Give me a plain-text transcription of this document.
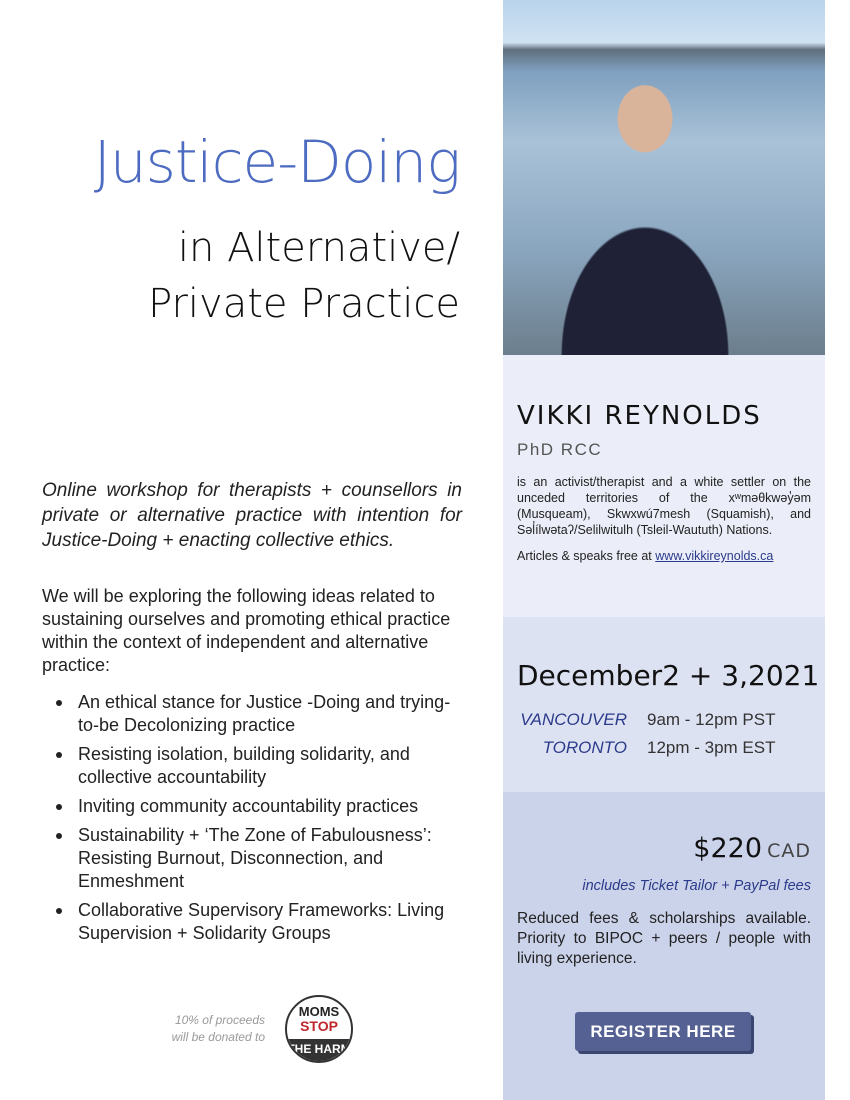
Justice-Doing
in Alternative/
Private Practice

Online workshop for therapists + counsellors in private or alternative practice with intention for Justice-Doing + enacting collective ethics.

We will be exploring the following ideas related to sustaining ourselves and promoting ethical practice within the context of independent and alternative practice:

An ethical stance for Justice -Doing and trying-to-be Decolonizing practice
Resisting isolation, building solidarity, and collective accountability
Inviting community accountability practices
Sustainability + ‘The Zone of Fabulousness’: Resisting Burnout, Disconnection, and Enmeshment
Collaborative Supervisory Frameworks: Living Supervision + Solidarity Groups
10% of proceeds
will be donated to
MOMS
STOP
THE HARM
VIKKI REYNOLDS
PhD RCC

is an activist/therapist and a white settler on the unceded territories of the xʷməθkwəy̓əm (Musqueam), Skwxwú7mesh (Squamish), and Səl̓ílwətaʔ/Selilwitulh (Tsleil-Waututh) Nations.

Articles & speaks free at www.vikkireynolds.ca
December 2 + 3, 2021
VANCOUVER	9am - 12pm PST
TORONTO	12pm - 3pm EST
$220 CAD
includes Ticket Tailor + PayPal fees

Reduced fees & scholarships available. Priority to BIPOC + peers / people with living experience.

REGISTER HERE
